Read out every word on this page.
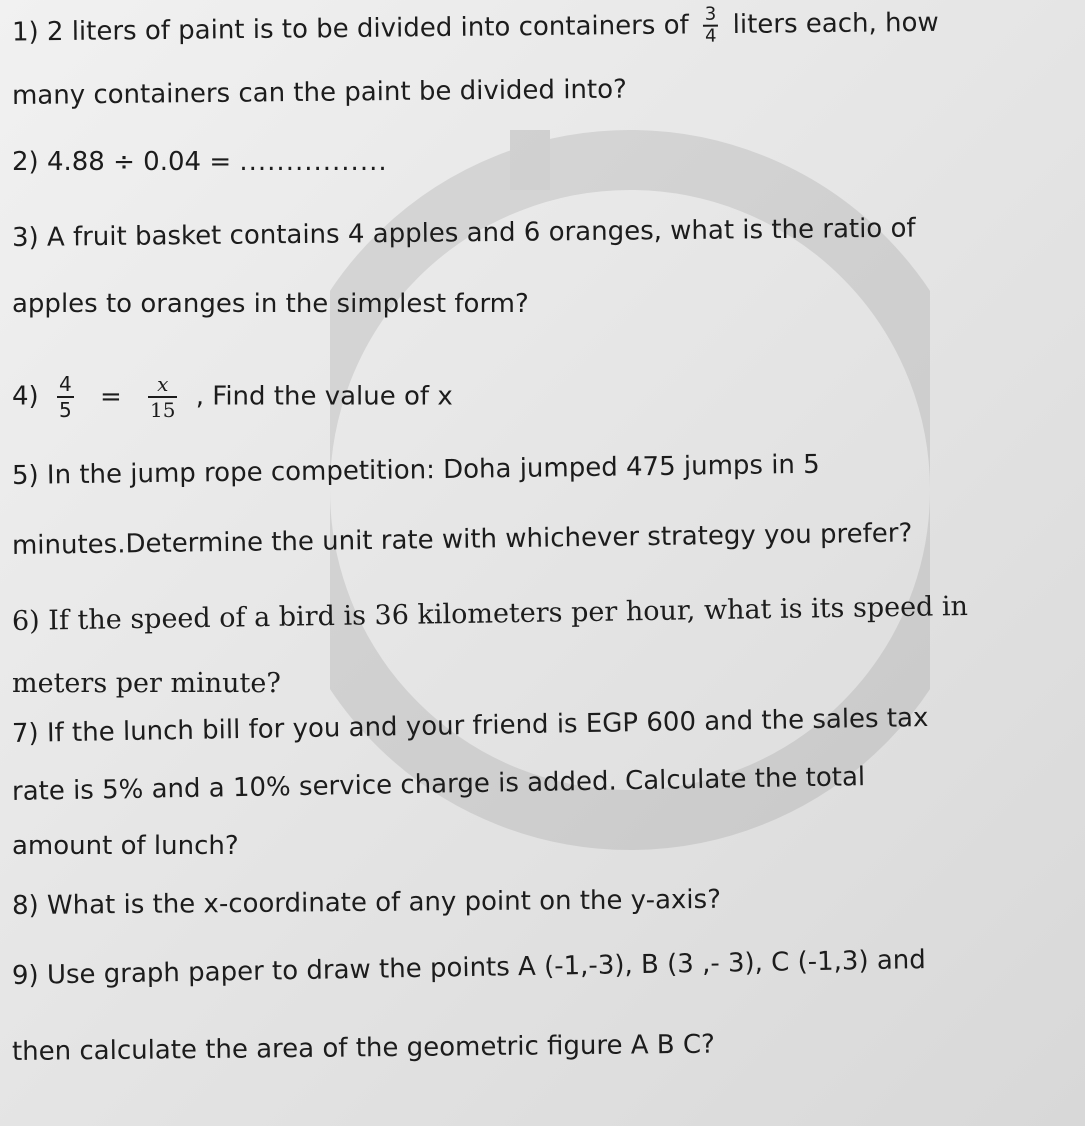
1) 2 liters of paint is to be divided into containers of $\frac{3}{4}$ liters each, how
many containers can the paint be divided into?
2) 4.88 ÷ 0.04 = ................
3) A fruit basket contains 4 apples and 6 oranges, what is the ratio of
apples to oranges in the simplest form?
$4) \frac{4}{5} = \frac{x}{15}$ , Find the value of x
5) In the jump rope competition: Doha jumped 475 jumps in 5
minutes.Determine the unit rate with whichever strategy you prefer?
6) If the speed of a bird is 36 kilometers per hour, what is its speed in
meters per minute?
7) If the lunch bill for you and your friend is EGP 600 and the sales tax
rate is 5% and a 10% service charge is added. Calculate the total
amount of lunch?
8) What is the x-coordinate of any point on the y-axis?
9) Use graph paper to draw the points A (-1,-3), B (3 ,- 3), C (-1,3) and
then calculate the area of the geometric figure A B C?
